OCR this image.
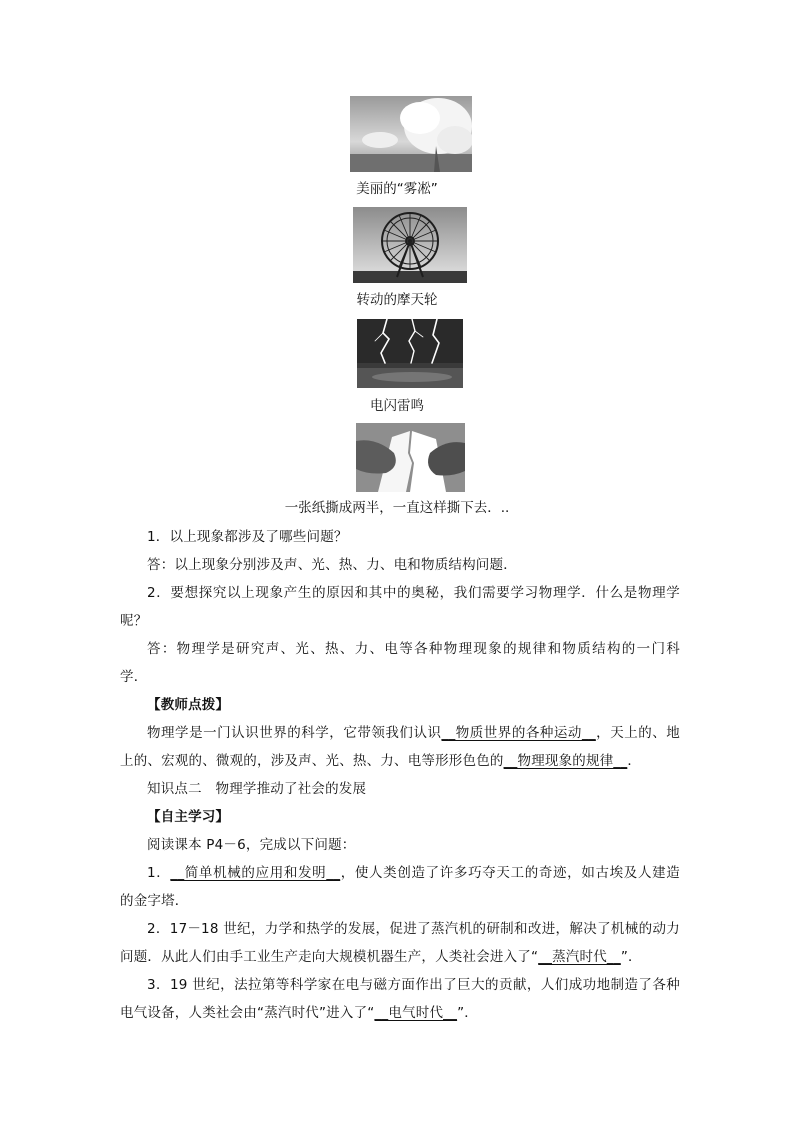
美丽的“雾凇”
转动的摩天轮
电闪雷鸣
一张纸撕成两半，一直这样撕下去．..
1．以上现象都涉及了哪些问题？
答：以上现象分别涉及声、光、热、力、电和物质结构问题．
2．要想探究以上现象产生的原因和其中的奥秘，我们需要学习物理学．什么是物理学
呢？
答：物理学是研究声、光、热、力、电等各种物理现象的规律和物质结构的一门科
学．
【教师点拨】
物理学是一门认识世界的科学，它带领我们认识__物质世界的各种运动__，天上的、地
上的、宏观的、微观的，涉及声、光、热、力、电等形形色色的__物理现象的规律__．
知识点二　物理学推动了社会的发展
【自主学习】
阅读课本 P4－6，完成以下问题：
1．__简单机械的应用和发明__，使人类创造了许多巧夺天工的奇迹，如古埃及人建造
的金字塔．
2．17－18 世纪，力学和热学的发展，促进了蒸汽机的研制和改进，解决了机械的动力
问题．从此人们由手工业生产走向大规模机器生产，人类社会进入了“__蒸汽时代__”．
3．19 世纪，法拉第等科学家在电与磁方面作出了巨大的贡献，人们成功地制造了各种
电气设备，人类社会由“蒸汽时代”进入了“__电气时代__”．
